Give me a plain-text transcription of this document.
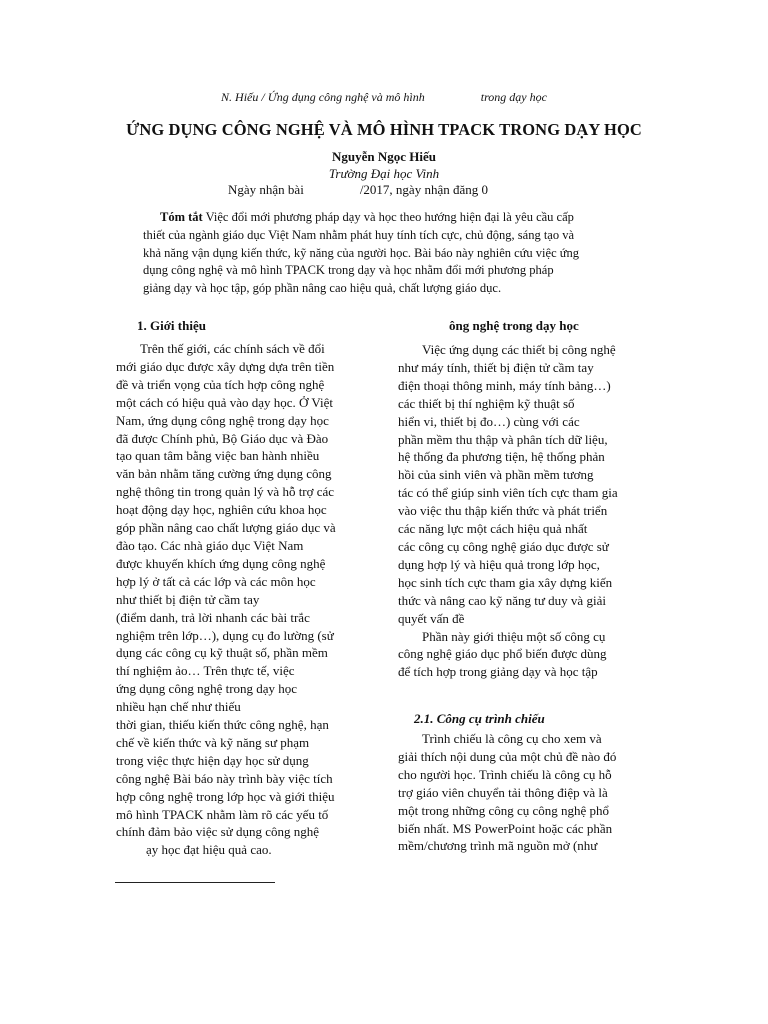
N. Hiếu / Ứng dụng công nghệ và mô hình	trong dạy học
ỨNG DỤNG CÔNG NGHỆ VÀ MÔ HÌNH TPACK TRONG DẠY HỌC
Nguyễn Ngọc Hiếu
Trường Đại học Vinh
Ngày nhận bài	/2017, ngày nhận đăng 0
Tóm tắt Việc đổi mới phương pháp dạy và học theo hướng hiện đại là yêu cầu cấp
thiết của ngành giáo dục Việt Nam nhằm phát huy tính tích cực, chủ động, sáng tạo và
khả năng vận dụng kiến thức, kỹ năng của người học. Bài báo này nghiên cứu việc ứng
dụng công nghệ và mô hình TPACK trong dạy và học nhằm đổi mới phương pháp
giảng dạy và học tập, góp phần nâng cao hiệu quả, chất lượng giáo dục.
1. Giới thiệu
Trên thế giới, các chính sách về đổi
mới giáo dục được xây dựng dựa trên tiền
đề và triển vọng của tích hợp công nghệ
một cách có hiệu quả vào dạy học. Ở Việt
Nam, ứng dụng công nghệ trong dạy học
đã được Chính phủ, Bộ Giáo dục và Đào
tạo quan tâm bằng việc ban hành nhiều
văn bản nhằm tăng cường ứng dụng công
nghệ thông tin trong quản lý và hỗ trợ các
hoạt động dạy học, nghiên cứu khoa học
góp phần nâng cao chất lượng giáo dục và
đào tạo. Các nhà giáo dục Việt Nam
được khuyến khích ứng dụng công nghệ
hợp lý ở tất cả các lớp và các môn học
như thiết bị điện tử cầm tay
(điểm danh, trả lời nhanh các bài trắc
nghiệm trên lớp…), dụng cụ đo lường (sử
dụng các công cụ kỹ thuật số, phần mềm
thí nghiệm ảo… Trên thực tế, việc
ứng dụng công nghệ trong dạy học
nhiều hạn chế như thiếu
thời gian, thiếu kiến thức công nghệ, hạn
chế về kiến thức và kỹ năng sư phạm
trong việc thực hiện dạy học sử dụng
công nghệ Bài báo này trình bày việc tích
hợp công nghệ trong lớp học và giới thiệu
mô hình TPACK nhằm làm rõ các yếu tố
chính đảm bảo việc sử dụng công nghệ
ạy học đạt hiệu quả cao.
ông nghệ trong dạy học
Việc ứng dụng các thiết bị công nghệ
như máy tính, thiết bị điện tử cầm tay
điện thoại thông minh, máy tính bảng…)
các thiết bị thí nghiệm kỹ thuật số
hiển vi, thiết bị đo…) cùng với các
phần mềm thu thập và phân tích dữ liệu,
hệ thống đa phương tiện, hệ thống phản
hồi của sinh viên và phần mềm tương
tác có thể giúp sinh viên tích cực tham gia
vào việc thu thập kiến thức và phát triển
các năng lực một cách hiệu quả nhất
các công cụ công nghệ giáo dục được sử
dụng hợp lý và hiệu quả trong lớp học,
học sinh tích cực tham gia xây dựng kiến
thức và nâng cao kỹ năng tư duy và giải
quyết vấn đề
Phần này giới thiệu một số công cụ
công nghệ giáo dục phổ biến được dùng
để tích hợp trong giảng dạy và học tập
2.1. Công cụ trình chiếu
Trình chiếu là công cụ cho xem và
giải thích nội dung của một chủ đề nào đó
cho người học. Trình chiếu là công cụ hỗ
trợ giáo viên chuyển tải thông điệp và là
một trong những công cụ công nghệ phổ
biến nhất. MS PowerPoint hoặc các phần
mềm/chương trình mã nguồn mở (như
